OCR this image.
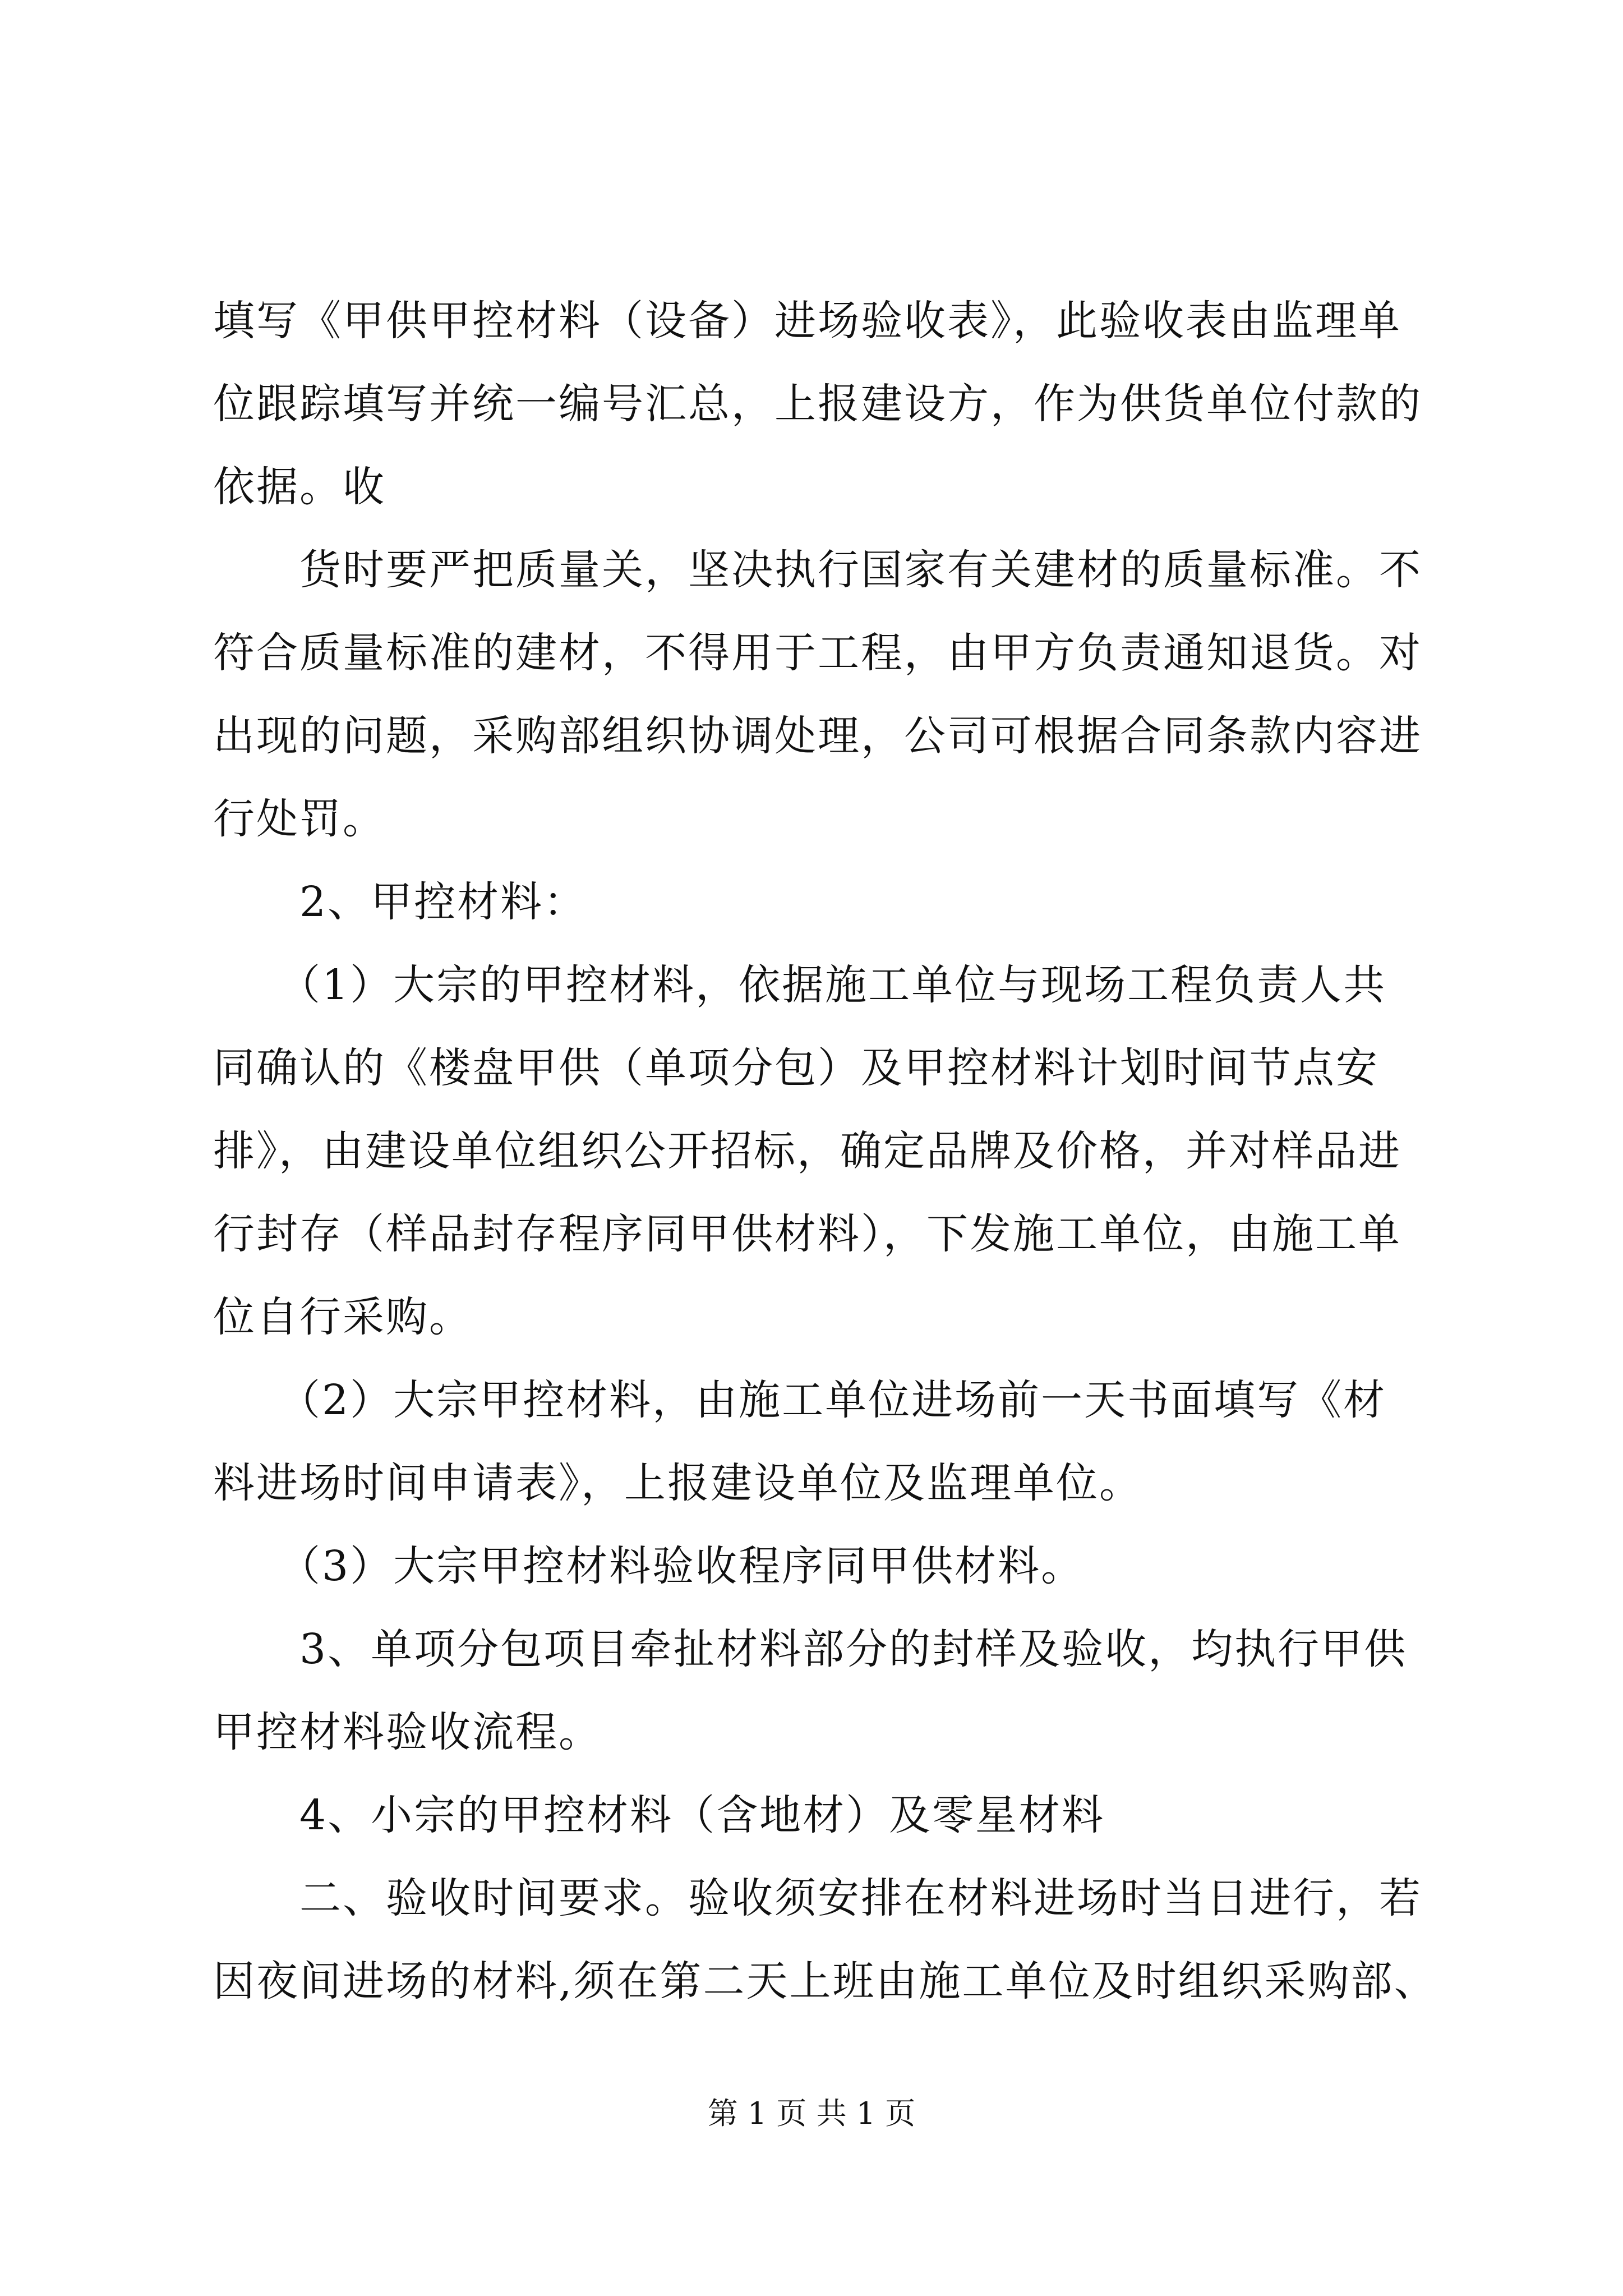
填写《甲供甲控材料（设备）进场验收表》，此验收表由监理单

位跟踪填写并统一编号汇总，上报建设方，作为供货单位付款的

依据。收

　　货时要严把质量关，坚决执行国家有关建材的质量标准。不

符合质量标准的建材，不得用于工程，由甲方负责通知退货。对

出现的问题，采购部组织协调处理，公司可根据合同条款内容进

行处罚。

　　2、甲控材料：

　　（1）大宗的甲控材料，依据施工单位与现场工程负责人共

同确认的《楼盘甲供（单项分包）及甲控材料计划时间节点安

排》，由建设单位组织公开招标，确定品牌及价格，并对样品进

行封存（样品封存程序同甲供材料），下发施工单位，由施工单

位自行采购。

　　（2）大宗甲控材料，由施工单位进场前一天书面填写《材

料进场时间申请表》，上报建设单位及监理单位。

　　（3）大宗甲控材料验收程序同甲供材料。

　　3、单项分包项目牵扯材料部分的封样及验收，均执行甲供

甲控材料验收流程。

　　4、小宗的甲控材料（含地材）及零星材料

　　二、验收时间要求。验收须安排在材料进场时当日进行，若

因夜间进场的材料,须在第二天上班由施工单位及时组织采购部、

第 1 页 共 1 页
